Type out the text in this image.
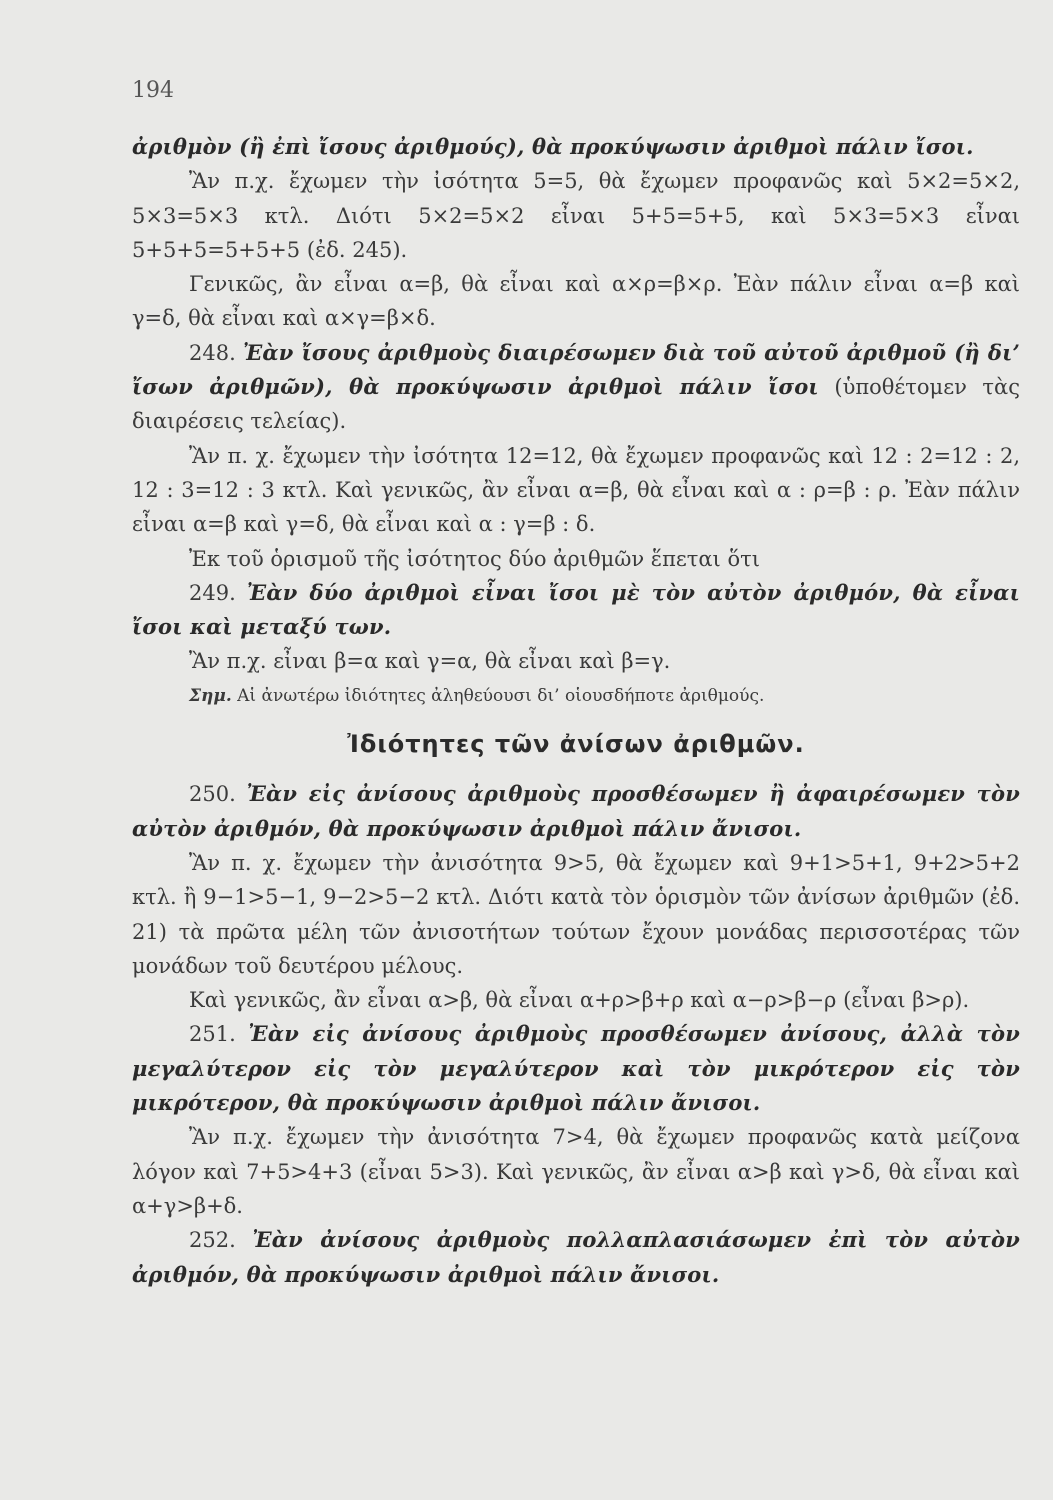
194

ἀριθμὸν (ἢ ἐπὶ ἴσους ἀριθμούς), θὰ προκύψωσιν ἀριθμοὶ πάλιν ἴσοι.

Ἂν π.χ. ἔχωμεν τὴν ἰσότητα 5=5, θὰ ἔχωμεν προφανῶς καὶ 5×2=5×2, 5×3=5×3 κτλ. Διότι 5×2=5×2 εἶναι 5+5=5+5, καὶ 5×3=5×3 εἶναι 5+5+5=5+5+5 (ἐδ. 245).

Γενικῶς, ἂν εἶναι α=β, θὰ εἶναι καὶ α×ρ=β×ρ. Ἐὰν πάλιν εἶναι α=β καὶ γ=δ, θὰ εἶναι καὶ α×γ=β×δ.

248. Ἐὰν ἴσους ἀριθμοὺς διαιρέσωμεν διὰ τοῦ αὐτοῦ ἀριθμοῦ (ἢ δι’ ἴσων ἀριθμῶν), θὰ προκύψωσιν ἀριθμοὶ πάλιν ἴσοι (ὑποθέτομεν τὰς διαιρέσεις τελείας).

Ἂν π. χ. ἔχωμεν τὴν ἰσότητα 12=12, θὰ ἔχωμεν προφανῶς καὶ 12 : 2=12 : 2, 12 : 3=12 : 3 κτλ. Καὶ γενικῶς, ἂν εἶναι α=β, θὰ εἶναι καὶ α : ρ=β : ρ. Ἐὰν πάλιν εἶναι α=β καὶ γ=δ, θὰ εἶναι καὶ α : γ=β : δ.

Ἐκ τοῦ ὁρισμοῦ τῆς ἰσότητος δύο ἀριθμῶν ἕπεται ὅτι

249. Ἐὰν δύο ἀριθμοὶ εἶναι ἴσοι μὲ τὸν αὐτὸν ἀριθμόν, θὰ εἶναι ἴσοι καὶ μεταξύ των.

Ἂν π.χ. εἶναι β=α καὶ γ=α, θὰ εἶναι καὶ β=γ.

Σημ. Αἱ ἀνωτέρω ἰδιότητες ἀληθεύουσι δι’ οἱουσδήποτε ἀριθμούς.

Ἰδιότητες τῶν ἀνίσων ἀριθμῶν.

250. Ἐὰν εἰς ἀνίσους ἀριθμοὺς προσθέσωμεν ἢ ἀφαιρέσωμεν τὸν αὐτὸν ἀριθμόν, θὰ προκύψωσιν ἀριθμοὶ πάλιν ἄνισοι.

Ἂν π. χ. ἔχωμεν τὴν ἀνισότητα 9>5, θὰ ἔχωμεν καὶ 9+1>5+1, 9+2>5+2 κτλ. ἢ 9−1>5−1, 9−2>5−2 κτλ. Διότι κατὰ τὸν ὁρισμὸν τῶν ἀνίσων ἀριθμῶν (ἐδ. 21) τὰ πρῶτα μέλη τῶν ἀνισοτήτων τούτων ἔχουν μονάδας περισσοτέρας τῶν μονάδων τοῦ δευτέρου μέλους.

Καὶ γενικῶς, ἂν εἶναι α>β, θὰ εἶναι α+ρ>β+ρ καὶ α−ρ>β−ρ (εἶναι β>ρ).

251. Ἐὰν εἰς ἀνίσους ἀριθμοὺς προσθέσωμεν ἀνίσους, ἀλλὰ τὸν μεγαλύτερον εἰς τὸν μεγαλύτερον καὶ τὸν μικρότερον εἰς τὸν μικρότερον, θὰ προκύψωσιν ἀριθμοὶ πάλιν ἄνισοι.

Ἂν π.χ. ἔχωμεν τὴν ἀνισότητα 7>4, θὰ ἔχωμεν προφανῶς κατὰ μείζονα λόγον καὶ 7+5>4+3 (εἶναι 5>3). Καὶ γενικῶς, ἂν εἶναι α>β καὶ γ>δ, θὰ εἶναι καὶ α+γ>β+δ.

252. Ἐὰν ἀνίσους ἀριθμοὺς πολλαπλασιάσωμεν ἐπὶ τὸν αὐτὸν ἀριθμόν, θὰ προκύψωσιν ἀριθμοὶ πάλιν ἄνισοι.
